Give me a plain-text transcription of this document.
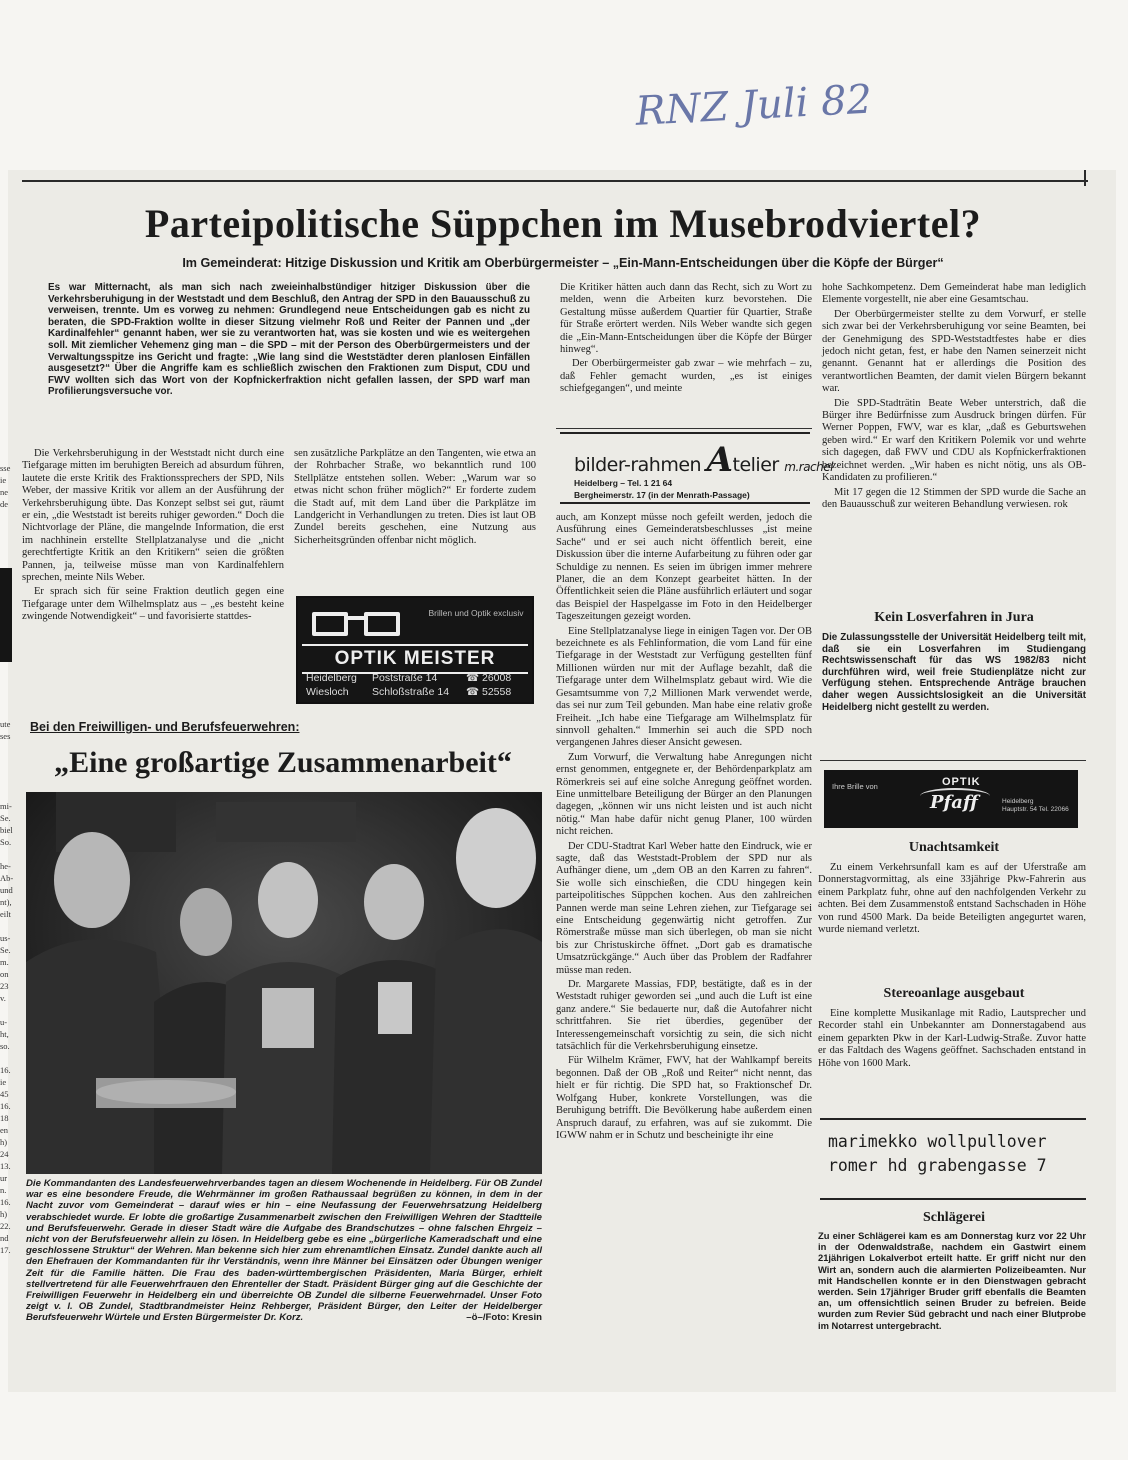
RNZ Juli 82
sse
ie
ne
de
ute
ses
mi-
Se.
biel
So.

he-
Ab-
und
nt),
eilt

us-
Se.
m.
on
23
v.

u-
ht,
so.

16.
ie
45
16.
18
en
h)
24
13.
ur
n.
16.
h)
22.
nd
17.
Parteipolitische Süppchen im Musebrodviertel?
Im Gemeinderat: Hitzige Diskussion und Kritik am Oberbürgermeister – „Ein-Mann-Entscheidungen über die Köpfe der Bürger“

Es war Mitternacht, als man sich nach zweieinhalbstündiger hitziger Diskussion über die Verkehrsberuhigung in der Weststadt und dem Beschluß, den Antrag der SPD in den Bauausschuß zu verweisen, trennte. Um es vorweg zu nehmen: Grundlegend neue Entscheidungen gab es nicht zu beraten, die SPD-Fraktion wollte in dieser Sitzung vielmehr Roß und Reiter der Pannen und „der Kardinalfehler“ genannt haben, wer sie zu verantworten hat, was sie kosten und wie es weitergehen soll. Mit ziemlicher Vehemenz ging man – die SPD – mit der Person des Oberbürgermeisters und der Verwaltungsspitze ins Gericht und fragte: „Wie lang sind die Weststädter deren planlosen Einfällen ausgesetzt?“ Über die Angriffe kam es schließlich zwischen den Fraktionen zum Disput, CDU und FWV wollten sich das Wort von der Kopfnickerfraktion nicht gefallen lassen, der SPD warf man Profilierungsversuche vor.

Die Verkehrsberuhigung in der Weststadt nicht durch eine Tiefgarage mitten im beruhigten Bereich ad absurdum führen, lautete die erste Kritik des Fraktionssprechers der SPD, Nils Weber, der massive Kritik vor allem an der Ausführung der Verkehrsberuhigung übte. Das Konzept selbst sei gut, räumt er ein, „die Weststadt ist bereits ruhiger geworden.“ Doch die Nichtvorlage der Pläne, die mangelnde Information, die erst im nachhinein erstellte Stellplatzanalyse und die „nicht gerechtfertigte Kritik an den Kritikern“ seien die größten Pannen, ja, teilweise müsse man von Kardinalfehlern sprechen, meinte Nils Weber.

Er sprach sich für seine Fraktion deutlich gegen eine Tiefgarage unter dem Wilhelmsplatz aus – „es besteht keine zwingende Notwendigkeit“ – und favorisierte stattdes-

sen zusätzliche Parkplätze an den Tangenten, wie etwa an der Rohrbacher Straße, wo bekanntlich rund 100 Stellplätze entstehen sollen. Weber: „Warum war so etwas nicht schon früher möglich?“ Er forderte zudem die Stadt auf, mit dem Land über die Parkplätze im Landgericht in Verhandlungen zu treten. Dies ist laut OB Zundel bereits geschehen, eine Nutzung aus Sicherheitsgründen offenbar nicht möglich.

Brillen und Optik exclusiv
OPTIK MEISTER
Heidelberg Poststraße 14	☎ 26008
Wiesloch Schloßstraße 14 ☎ 52558

Die Kritiker hätten auch dann das Recht, sich zu Wort zu melden, wenn die Arbeiten kurz bevorstehen. Die Gestaltung müsse außerdem Quartier für Quartier, Straße für Straße erörtert werden. Nils Weber wandte sich gegen die „Ein-Mann-Entscheidungen über die Köpfe der Bürger hinweg“.

Der Oberbürgermeister gab zwar – wie mehrfach – zu, daß Fehler gemacht wurden, „es ist einiges schiefgegangen“, und meinte

bilder-rahmen Atelier m.rachel
Heidelberg – Tel. 1 21 64
Bergheimerstr. 17 (in der Menrath-Passage)

auch, am Konzept müsse noch gefeilt werden, jedoch die Ausführung eines Gemeinderatsbeschlusses „ist meine Sache“ und er sei auch nicht öffentlich bereit, eine Diskussion über die interne Aufarbeitung zu führen oder gar Schuldige zu nennen. Es seien im übrigen immer mehrere Planer, die an dem Konzept gearbeitet hätten. In der Öffentlichkeit seien die Pläne ausführlich erläutert und sogar das Beispiel der Haspelgasse im Foto in den Heidelberger Tageszeitungen gezeigt worden.

Eine Stellplatzanalyse liege in einigen Tagen vor. Der OB bezeichnete es als Fehlinformation, die vom Land für eine Tiefgarage in der Weststadt zur Verfügung gestellten fünf Millionen würden nur mit der Auflage bezahlt, daß die Tiefgarage unter dem Wilhelmsplatz gebaut wird. Wie die Gesamtsumme von 7,2 Millionen Mark verwendet werde, das sei nur zum Teil gebunden. Man habe eine relativ große Freiheit. „Ich habe eine Tiefgarage am Wilhelmsplatz für sinnvoll gehalten.“ Immerhin sei auch die SPD noch vergangenen Jahres dieser Ansicht gewesen.

Zum Vorwurf, die Verwaltung habe Anregungen nicht ernst genommen, entgegnete er, der Behördenparkplatz am Römerkreis sei auf eine solche Anregung geöffnet worden. Eine unmittelbare Beteiligung der Bürger an den Planungen dagegen, „können wir uns nicht leisten und ist auch nicht nötig.“ Man habe dafür nicht genug Planer, 100 würden nicht reichen.

Der CDU-Stadtrat Karl Weber hatte den Eindruck, wie er sagte, daß das Weststadt-Problem der SPD nur als Aufhänger diene, um „dem OB an den Karren zu fahren“. Sie wolle sich einschießen, die CDU hingegen kein parteipolitisches Süppchen kochen. Aus den zahlreichen Pannen werde man seine Lehren ziehen, zur Tiefgarage sei eine Entscheidung gegenwärtig nicht getroffen. Zur Römerstraße müsse man sich überlegen, ob man sie nicht bis zur Christuskirche öffnet. „Dort gab es dramatische Umsatzrückgänge.“ Auch über das Problem der Radfahrer müsse man reden.

Dr. Margarete Massias, FDP, bestätigte, daß es in der Weststadt ruhiger geworden sei „und auch die Luft ist eine ganz andere.“ Sie bedauerte nur, daß die Autofahrer nicht schrittfahren. Sie riet überdies, gegenüber der Interessengemeinschaft vorsichtig zu sein, die sich nicht tatsächlich für die Verkehrsberuhigung einsetze.

Für Wilhelm Krämer, FWV, hat der Wahlkampf bereits begonnen. Daß der OB „Roß und Reiter“ nicht nennt, das hielt er für richtig. Die SPD hat, so Fraktionschef Dr. Wolfgang Huber, konkrete Vorstellungen, was die Beruhigung betrifft. Die Bevölkerung habe außerdem einen Anspruch darauf, zu erfahren, was auf sie zukommt. Die IGWW nahm er in Schutz und bescheinigte ihr eine

hohe Sachkompetenz. Dem Gemeinderat habe man lediglich Elemente vorgestellt, nie aber eine Gesamtschau.

Der Oberbürgermeister stellte zu dem Vorwurf, er stelle sich zwar bei der Verkehrsberuhigung vor seine Beamten, bei der Genehmigung des SPD-Weststadtfestes habe er dies jedoch nicht getan, fest, er habe den Namen seinerzeit nicht genannt. Genannt hat er allerdings die Position des verantwortlichen Beamten, der damit vielen Bürgern bekannt war.

Die SPD-Stadträtin Beate Weber unterstrich, daß die Bürger ihre Bedürfnisse zum Ausdruck bringen dürfen. Für Werner Poppen, FWV, war es klar, „daß es Geburtswehen geben wird.“ Er warf den Kritikern Polemik vor und wehrte sich dagegen, daß FWV und CDU als Kopfnickerfraktionen bezeichnet werden. „Wir haben es nicht nötig, uns als OB-Kandidaten zu profilieren.“

Mit 17 gegen die 12 Stimmen der SPD wurde die Sache an den Bauausschuß zur weiteren Behandlung verwiesen. rok

Kein Losverfahren in Jura

Die Zulassungsstelle der Universität Heidelberg teilt mit, daß sie ein Losverfahren im Studiengang Rechtswissenschaft für das WS 1982/83 nicht durchführen wird, weil freie Studienplätze nicht zur Verfügung stehen. Entsprechende Anträge brauchen daher wegen Aussichtslosigkeit an die Universität Heidelberg nicht gestellt zu werden.

Ihre Brille von	OPTIK
Pfaff	Heidelberg
Hauptstr. 54 Tel. 22066
Unachtsamkeit

Zu einem Verkehrsunfall kam es auf der Uferstraße am Donnerstagvormittag, als eine 33jährige Pkw-Fahrerin aus einem Parkplatz fuhr, ohne auf den nachfolgenden Verkehr zu achten. Bei dem Zusammenstoß entstand Sachschaden in Höhe von rund 4500 Mark. Da beide Beteiligten angegurtet waren, wurde niemand verletzt.

Stereoanlage ausgebaut

Eine komplette Musikanlage mit Radio, Lautsprecher und Recorder stahl ein Unbekannter am Donnerstagabend aus einem geparkten Pkw in der Karl-Ludwig-Straße. Zuvor hatte er das Faltdach des Wagens geöffnet. Sachschaden entstand in Höhe von 1600 Mark.

marimekko wollpullover
romer hd grabengasse 7
Schlägerei

Zu einer Schlägerei kam es am Donnerstag kurz vor 22 Uhr in der Odenwaldstraße, nachdem ein Gastwirt einem 21jährigen Lokalverbot erteilt hatte. Er griff nicht nur den Wirt an, sondern auch die alarmierten Polizeibeamten. Nur mit Handschellen konnte er in den Dienstwagen gebracht werden. Sein 17jähriger Bruder griff ebenfalls die Beamten an, um offensichtlich seinen Bruder zu befreien. Beide wurden zum Revier Süd gebracht und nach einer Blutprobe im Notarrest untergebracht.

Bei den Freiwilligen- und Berufsfeuerwehren:
„Eine großartige Zusammenarbeit“

Die Kommandanten des Landesfeuerwehrverbandes tagen an diesem Wochenende in Heidelberg. Für OB Zundel war es eine besondere Freude, die Wehrmänner im großen Rathaussaal begrüßen zu können, in dem in der Nacht zuvor vom Gemeinderat – darauf wies er hin – eine Neufassung der Feuerwehrsatzung Heidelberg verabschiedet wurde. Er lobte die großartige Zusammenarbeit zwischen den Freiwilligen Wehren der Stadtteile und Berufsfeuerwehr. Gerade in dieser Stadt wäre die Aufgabe des Brandschutzes – ohne falschen Ehrgeiz – nicht von der Berufsfeuerwehr allein zu lösen. In Heidelberg gebe es eine „bürgerliche Kameradschaft und eine geschlossene Struktur“ der Wehren. Man bekenne sich hier zum ehrenamtlichen Einsatz. Zundel dankte auch all den Ehefrauen der Kommandanten für ihr Verständnis, wenn ihre Männer bei Einsätzen oder Übungen weniger Zeit für die Familie hätten. Die Frau des baden-württembergischen Präsidenten, Maria Bürger, erhielt stellvertretend für alle Feuerwehrfrauen den Ehrenteller der Stadt. Präsident Bürger ging auf die Geschichte der Freiwilligen Feuerwehr in Heidelberg ein und überreichte OB Zundel die silberne Feuerwehrnadel. Unser Foto zeigt v. l. OB Zundel, Stadtbrandmeister Heinz Rehberger, Präsident Bürger, den Leiter der Heidelberger Berufsfeuerwehr Würtele und Ersten Bürgermeister Dr. Korz.	–ö–/Foto: Kresin
